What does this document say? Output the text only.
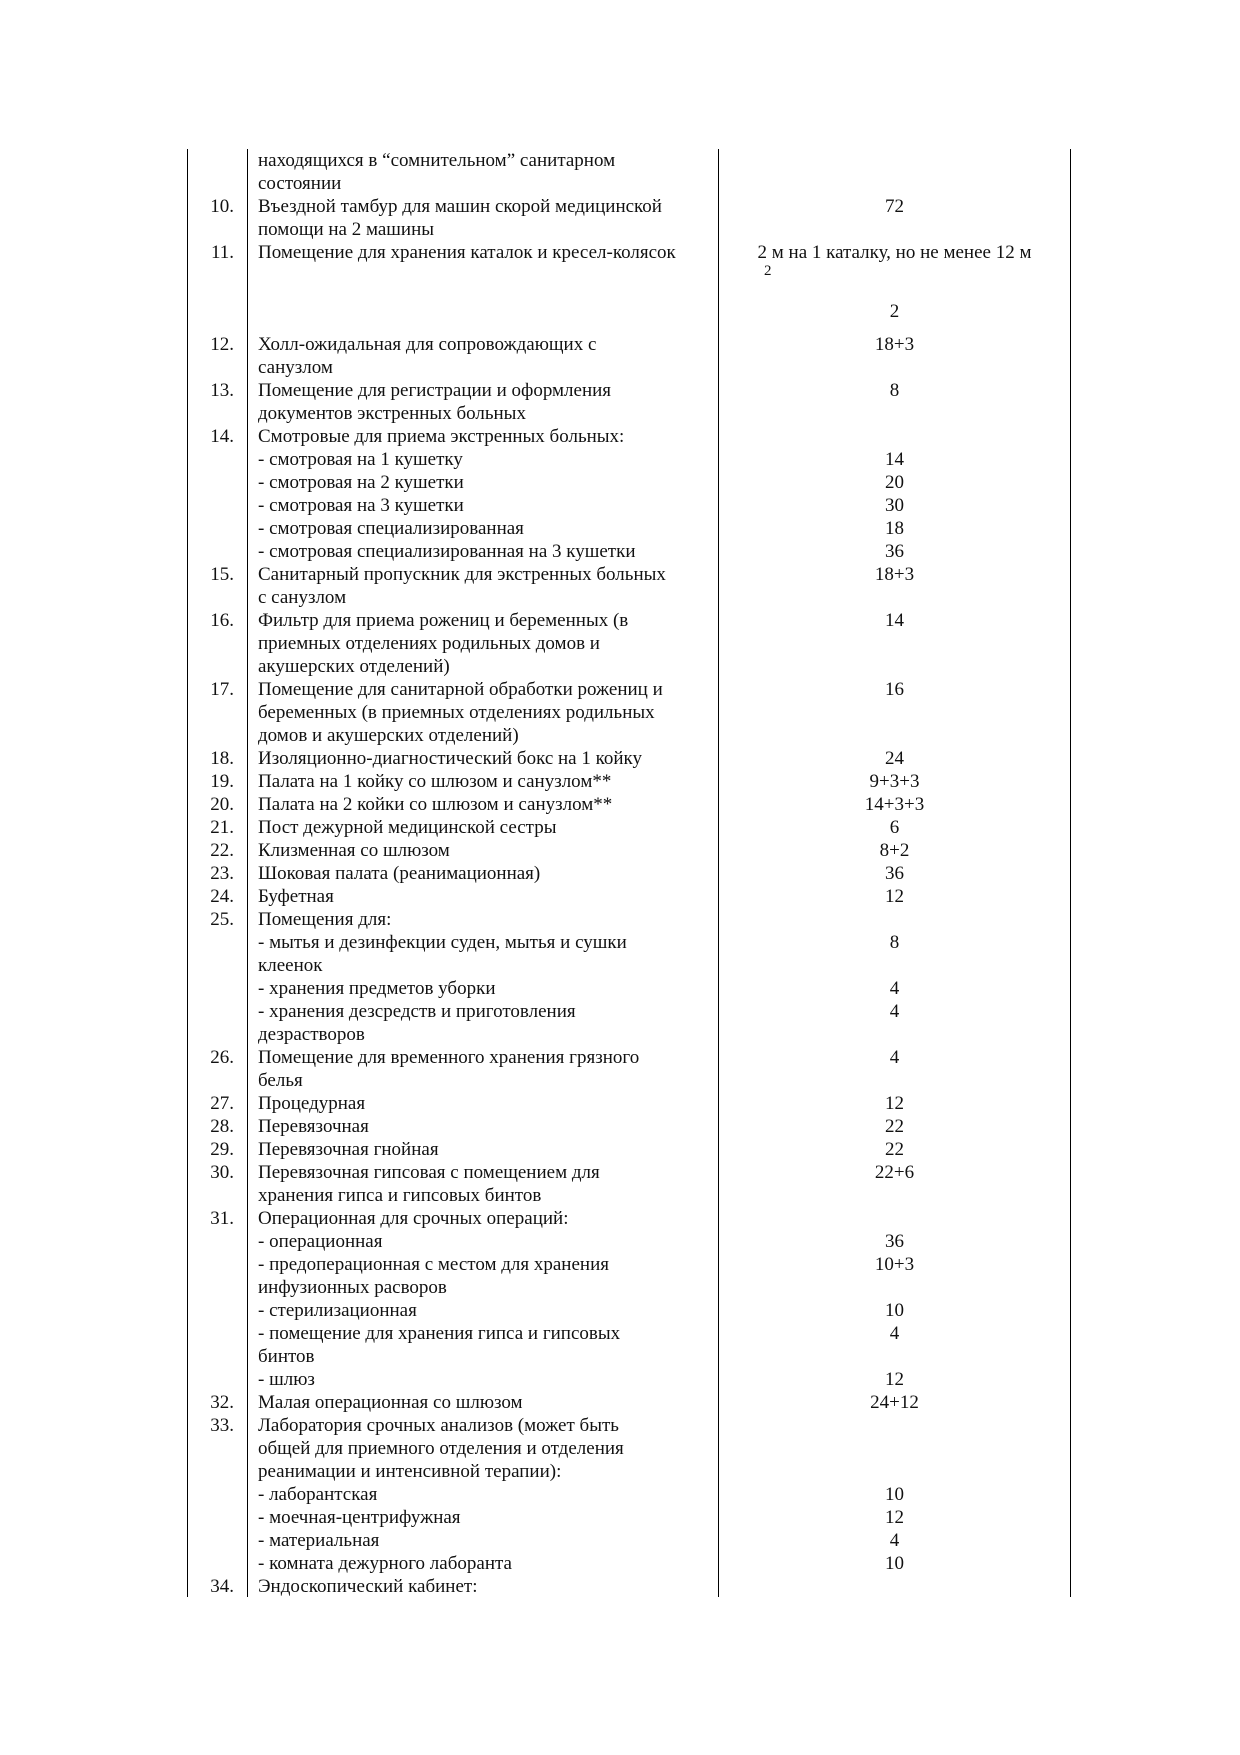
находящихся в “сомнительном” санитарном
состоянии
10.	Въездной тамбур для машин скорой медицинской
помощи на 2 машины
72
11.	Помещение для хранения каталок и кресел-колясок

	2 м на 1 каталку, но не менее 12 м
2
2
12.	Холл-ожидальная для сопровождающих с
санузлом
18+3
13.	Помещение для регистрации и оформления
документов экстренных больных
8
14.	Смотровые для приема экстренных больных:

- смотровая на 1 кушетку	14
- смотровая на 2 кушетки	20
- смотровая на 3 кушетки	30
- смотровая специализированная	18
- смотровая специализированная на 3 кушетки	36
15.	Санитарный пропускник для экстренных больных
с санузлом
18+3
16.	Фильтр для приема рожениц и беременных (в
приемных отделениях родильных домов и
акушерских отделений)
14
17.	Помещение для санитарной обработки рожениц и
беременных (в приемных отделениях родильных
домов и акушерских отделений)
16
18.	Изоляционно-диагностический бокс на 1 койку	24
19.	Палата на 1 койку со шлюзом и санузлом**	9+3+3
20.	Палата на 2 койки со шлюзом и санузлом**	14+3+3
21.	Пост дежурной медицинской сестры	6
22.	Клизменная со шлюзом	8+2
23.	Шоковая палата (реанимационная)	36
24.	Буфетная	12
25.	Помещения для:

- мытья и дезинфекции суден, мытья и сушки
клеенок
8
- хранения предметов уборки	4
- хранения дезсредств и приготовления
дезрастворов
4
26.	Помещение для временного хранения грязного
белья
4
27.	Процедурная	12
28.	Перевязочная	22
29.	Перевязочная гнойная	22
30.	Перевязочная гипсовая с помещением для
хранения гипса и гипсовых бинтов
22+6
31.	Операционная для срочных операций:

- операционная	36
- предоперационная с местом для хранения
инфузионных расворов
10+3
- стерилизационная	10
- помещение для хранения гипса и гипсовых
бинтов
4
- шлюз	12
32.	Малая операционная со шлюзом	24+12
33.	Лаборатория срочных анализов (может быть
общей для приемного отделения и отделения
реанимации и интенсивной терапии):

- лаборантская	10
- моечная-центрифужная	12
- материальная	4
- комната дежурного лаборанта	10
34.	Эндоскопический кабинет:
